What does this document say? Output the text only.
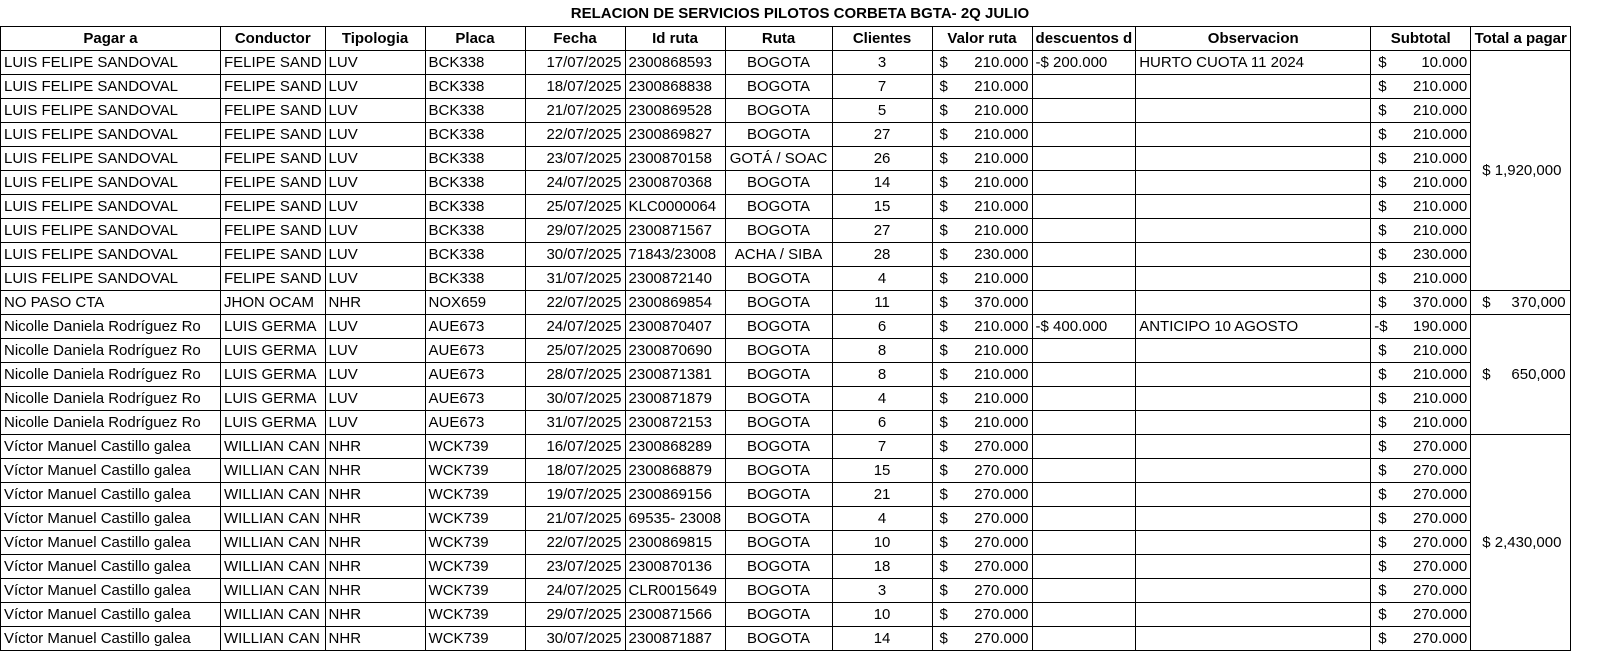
RELACION DE SERVICIOS PILOTOS CORBETA BGTA- 2Q JULIO
Pagar a	Conductor	Tipologia	Placa	Fecha	Id ruta	Ruta	Clientes	Valor ruta	descuentos d	Observacion	Subtotal	Total a pagar
LUIS FELIPE SANDOVAL	FELIPE SAND	LUV	BCK338	17/07/2025	2300868593	BOGOTA	3	$ 210.000	-$ 200.000	HURTO CUOTA 11 2024	$ 10.000	$ 1,920,000
LUIS FELIPE SANDOVAL	FELIPE SAND	LUV	BCK338	18/07/2025	2300868838	BOGOTA	7	$ 210.000			$ 210.000	

LUIS FELIPE SANDOVAL	FELIPE SAND	LUV	BCK338	21/07/2025	2300869528	BOGOTA	5	$ 210.000			$ 210.000	

LUIS FELIPE SANDOVAL	FELIPE SAND	LUV	BCK338	22/07/2025	2300869827	BOGOTA	27	$ 210.000			$ 210.000	

LUIS FELIPE SANDOVAL	FELIPE SAND	LUV	BCK338	23/07/2025	2300870158	GOTÁ / SOAC	26	$ 210.000			$ 210.000	

LUIS FELIPE SANDOVAL	FELIPE SAND	LUV	BCK338	24/07/2025	2300870368	BOGOTA	14	$ 210.000			$ 210.000	

LUIS FELIPE SANDOVAL	FELIPE SAND	LUV	BCK338	25/07/2025	KLC0000064	BOGOTA	15	$ 210.000			$ 210.000	

LUIS FELIPE SANDOVAL	FELIPE SAND	LUV	BCK338	29/07/2025	2300871567	BOGOTA	27	$ 210.000			$ 210.000	

LUIS FELIPE SANDOVAL	FELIPE SAND	LUV	BCK338	30/07/2025	71843/23008	ACHA / SIBA	28	$ 230.000			$ 230.000	

LUIS FELIPE SANDOVAL	FELIPE SAND	LUV	BCK338	31/07/2025	2300872140	BOGOTA	4	$ 210.000			$ 210.000	

NO PASO CTA	JHON OCAM	NHR	NOX659	22/07/2025	2300869854	BOGOTA	11	$ 370.000			$ 370.000	$     370,000
Nicolle Daniela Rodríguez Ro	LUIS GERMA	LUV	AUE673	24/07/2025	2300870407	BOGOTA	6	$ 210.000	-$ 400.000	ANTICIPO 10 AGOSTO	-$ 190.000	$     650,000
Nicolle Daniela Rodríguez Ro	LUIS GERMA	LUV	AUE673	25/07/2025	2300870690	BOGOTA	8	$ 210.000			$ 210.000	

Nicolle Daniela Rodríguez Ro	LUIS GERMA	LUV	AUE673	28/07/2025	2300871381	BOGOTA	8	$ 210.000			$ 210.000	

Nicolle Daniela Rodríguez Ro	LUIS GERMA	LUV	AUE673	30/07/2025	2300871879	BOGOTA	4	$ 210.000			$ 210.000	

Nicolle Daniela Rodríguez Ro	LUIS GERMA	LUV	AUE673	31/07/2025	2300872153	BOGOTA	6	$ 210.000			$ 210.000	

Víctor Manuel Castillo galea	WILLIAN CAN	NHR	WCK739	16/07/2025	2300868289	BOGOTA	7	$ 270.000			$ 270.000	$ 2,430,000
Víctor Manuel Castillo galea	WILLIAN CAN	NHR	WCK739	18/07/2025	2300868879	BOGOTA	15	$ 270.000			$ 270.000	

Víctor Manuel Castillo galea	WILLIAN CAN	NHR	WCK739	19/07/2025	2300869156	BOGOTA	21	$ 270.000			$ 270.000	

Víctor Manuel Castillo galea	WILLIAN CAN	NHR	WCK739	21/07/2025	69535- 23008	BOGOTA	4	$ 270.000			$ 270.000	

Víctor Manuel Castillo galea	WILLIAN CAN	NHR	WCK739	22/07/2025	2300869815	BOGOTA	10	$ 270.000			$ 270.000	

Víctor Manuel Castillo galea	WILLIAN CAN	NHR	WCK739	23/07/2025	2300870136	BOGOTA	18	$ 270.000			$ 270.000	

Víctor Manuel Castillo galea	WILLIAN CAN	NHR	WCK739	24/07/2025	CLR0015649	BOGOTA	3	$ 270.000			$ 270.000	

Víctor Manuel Castillo galea	WILLIAN CAN	NHR	WCK739	29/07/2025	2300871566	BOGOTA	10	$ 270.000			$ 270.000	

Víctor Manuel Castillo galea	WILLIAN CAN	NHR	WCK739	30/07/2025	2300871887	BOGOTA	14	$ 270.000			$ 270.000	
